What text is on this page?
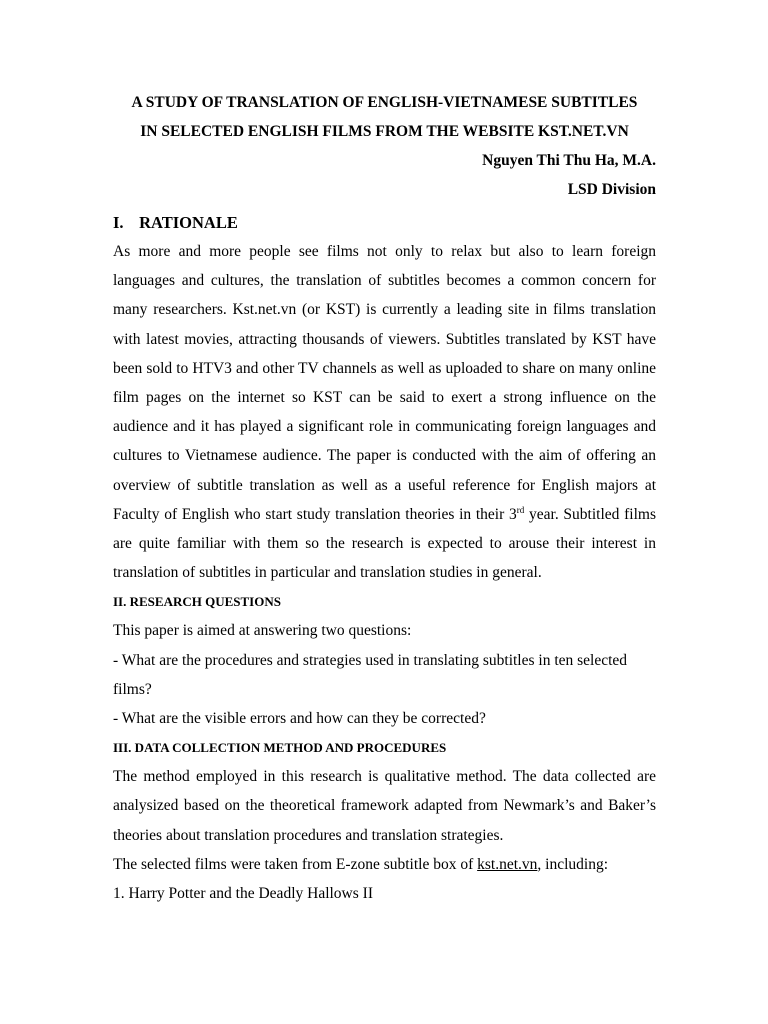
A STUDY OF TRANSLATION OF ENGLISH-VIETNAMESE SUBTITLES
IN SELECTED ENGLISH FILMS FROM THE WEBSITE KST.NET.VN

Nguyen Thi Thu Ha, M.A.

LSD Division

I. RATIONALE

As more and more people see films not only to relax but also to learn foreign languages and cultures, the translation of subtitles becomes a common concern for many researchers. Kst.net.vn (or KST) is currently a leading site in films translation with latest movies, attracting thousands of viewers. Subtitles translated by KST have been sold to HTV3 and other TV channels as well as uploaded to share on many online film pages on the internet so KST can be said to exert a strong influence on the audience and it has played a significant role in communicating foreign languages and cultures to Vietnamese audience. The paper is conducted with the aim of offering an overview of subtitle translation as well as a useful reference for English majors at Faculty of English who start study translation theories in their 3rd year. Subtitled films are quite familiar with them so the research is expected to arouse their interest in translation of subtitles in particular and translation studies in general.

II. RESEARCH QUESTIONS

This paper is aimed at answering two questions:

- What are the procedures and strategies used in translating subtitles in ten selected films?

- What are the visible errors and how can they be corrected?

III. DATA COLLECTION METHOD AND PROCEDURES

The method employed in this research is qualitative method. The data collected are analysized based on the theoretical framework adapted from Newmark’s and Baker’s theories about translation procedures and translation strategies.

The selected films were taken from E-zone subtitle box of kst.net.vn, including:

1. Harry Potter and the Deadly Hallows II
